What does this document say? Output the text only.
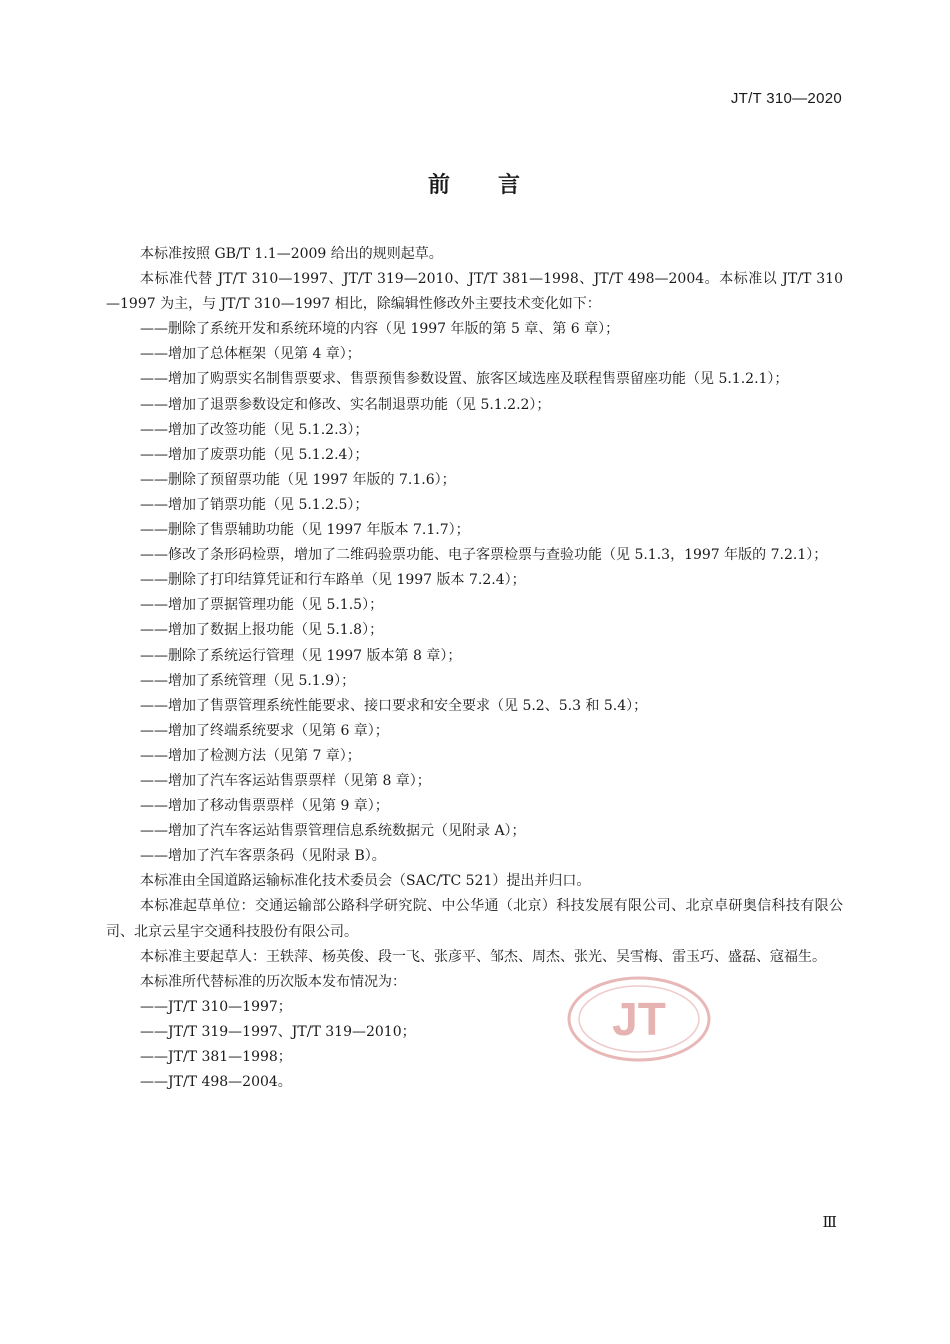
JT/T 310—2020
前 言
本标准按照 GB/T 1.1—2009 给出的规则起草。
本标准代替 JT/T 310—1997、JT/T 319—2010、JT/T 381—1998、JT/T 498—2004。本标准以 JT/T 310—1997 为主，与 JT/T 310—1997 相比，除编辑性修改外主要技术变化如下：
——删除了系统开发和系统环境的内容（见 1997 年版的第 5 章、第 6 章）；
——增加了总体框架（见第 4 章）；
——增加了购票实名制售票要求、售票预售参数设置、旅客区域选座及联程售票留座功能（见 5.1.2.1）；
——增加了退票参数设定和修改、实名制退票功能（见 5.1.2.2）；
——增加了改签功能（见 5.1.2.3）；
——增加了废票功能（见 5.1.2.4）；
——删除了预留票功能（见 1997 年版的 7.1.6）；
——增加了销票功能（见 5.1.2.5）；
——删除了售票辅助功能（见 1997 年版本 7.1.7）；
——修改了条形码检票，增加了二维码验票功能、电子客票检票与查验功能（见 5.1.3，1997 年版的 7.2.1）；
——删除了打印结算凭证和行车路单（见 1997 版本 7.2.4）；
——增加了票据管理功能（见 5.1.5）；
——增加了数据上报功能（见 5.1.8）；
——删除了系统运行管理（见 1997 版本第 8 章）；
——增加了系统管理（见 5.1.9）；
——增加了售票管理系统性能要求、接口要求和安全要求（见 5.2、5.3 和 5.4）；
——增加了终端系统要求（见第 6 章）；
——增加了检测方法（见第 7 章）；
——增加了汽车客运站售票票样（见第 8 章）；
——增加了移动售票票样（见第 9 章）；
——增加了汽车客运站售票管理信息系统数据元（见附录 A）；
——增加了汽车客票条码（见附录 B）。
本标准由全国道路运输标准化技术委员会（SAC/TC 521）提出并归口。
本标准起草单位：交通运输部公路科学研究院、中公华通（北京）科技发展有限公司、北京卓研奥信科技有限公司、北京云星宇交通科技股份有限公司。
本标准主要起草人：王轶萍、杨英俊、段一飞、张彦平、邹杰、周杰、张光、吴雪梅、雷玉巧、盛磊、寇福生。
本标准所代替标准的历次版本发布情况为：
——JT/T 310—1997；
——JT/T 319—1997、JT/T 319—2010；
——JT/T 381—1998；
——JT/T 498—2004。
JT
Ⅲ
